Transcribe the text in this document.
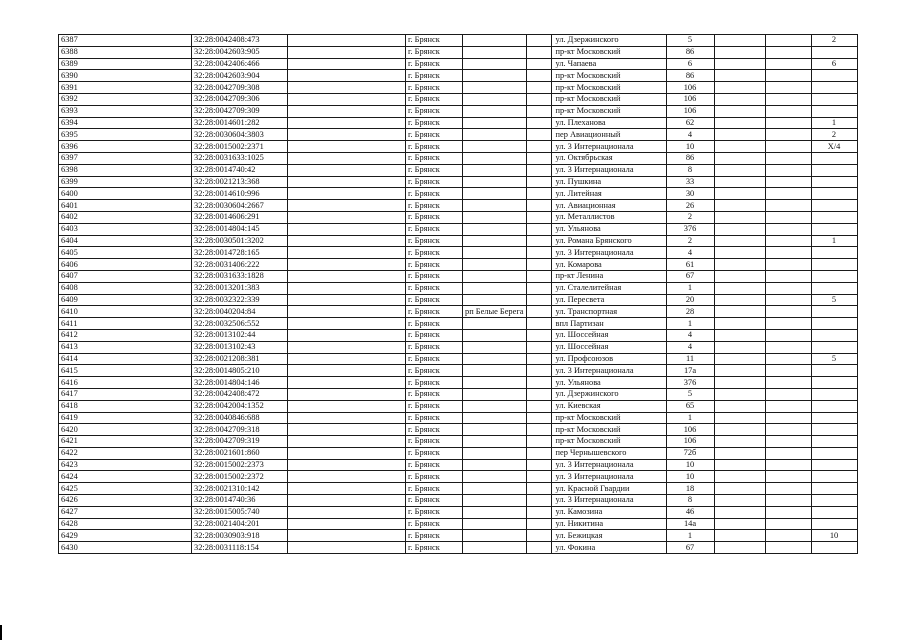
6387	32:28:0042408:473		г. Брянск			ул. Дзержинского	5			2
6388	32:28:0042603:905		г. Брянск			пр-кт Московский	86			
6389	32:28:0042406:466		г. Брянск			ул. Чапаева	6			6
6390	32:28:0042603:904		г. Брянск			пр-кт Московский	86			
6391	32:28:0042709:308		г. Брянск			пр-кт Московский	106			
6392	32:28:0042709:306		г. Брянск			пр-кт Московский	106			
6393	32:28:0042709:309		г. Брянск			пр-кт Московский	106			
6394	32:28:0014601:282		г. Брянск			ул. Плеханова	62			1
6395	32:28:0030604:3803		г. Брянск			пер Авиационный	4			2
6396	32:28:0015002:2371		г. Брянск			ул. 3 Интернационала	10			Х/4
6397	32:28:0031633:1025		г. Брянск			ул. Октябрьская	86			
6398	32:28:0014740:42		г. Брянск			ул. 3 Интернационала	8			
6399	32:28:0021213:368		г. Брянск			ул. Пушкина	33			
6400	32:28:0014610:996		г. Брянск			ул. Литейная	30			
6401	32:28:0030604:2667		г. Брянск			ул. Авиационная	26			
6402	32:28:0014606:291		г. Брянск			ул. Металлистов	2			
6403	32:28:0014804:145		г. Брянск			ул. Ульянова	376			
6404	32:28:0030501:3202		г. Брянск			ул. Романа Брянского	2			1
6405	32:28:0014728:165		г. Брянск			ул. 3 Интернационала	4			
6406	32:28:0031406:222		г. Брянск			ул. Комарова	61			
6407	32:28:0031633:1828		г. Брянск			пр-кт Ленина	67			
6408	32:28:0013201:383		г. Брянск			ул. Сталелитейная	1			
6409	32:28:0032322:339		г. Брянск			ул. Пересвета	20			5
6410	32:28:0040204:84		г. Брянск	рп Белые Берега		ул. Транспортная	28			
6411	32:28:0032506:552		г. Брянск			впл Партизан	1			
6412	32:28:0013102:44		г. Брянск			ул. Шоссейная	4			
6413	32:28:0013102:43		г. Брянск			ул. Шоссейная	4			
6414	32:28:0021208:381		г. Брянск			ул. Профсоюзов	11			5
6415	32:28:0014805:210		г. Брянск			ул. 3 Интернационала	17а			
6416	32:28:0014804:146		г. Брянск			ул. Ульянова	376			
6417	32:28:0042408:472		г. Брянск			ул. Дзержинского	5			
6418	32:28:0042004:1352		г. Брянск			ул. Киевская	65			
6419	32:28:0040846:688		г. Брянск			пр-кт Московский	1			
6420	32:28:0042709:318		г. Брянск			пр-кт Московский	106			
6421	32:28:0042709:319		г. Брянск			пр-кт Московский	106			
6422	32:28:0021601:860		г. Брянск			пер Чернышевского	72б			
6423	32:28:0015002:2373		г. Брянск			ул. 3 Интернационала	10			
6424	32:28:0015002:2372		г. Брянск			ул. 3 Интернационала	10			
6425	32:28:0021310:142		г. Брянск			ул. Красной Гвардии	18			
6426	32:28:0014740:36		г. Брянск			ул. 3 Интернационала	8			
6427	32:28:0015005:740		г. Брянск			ул. Камозина	46			
6428	32:28:0021404:201		г. Брянск			ул. Никитина	14а			
6429	32:28:0030903:918		г. Брянск			ул. Бежицкая	1			10
6430	32:28:0031118:154		г. Брянск			ул. Фокина	67			
